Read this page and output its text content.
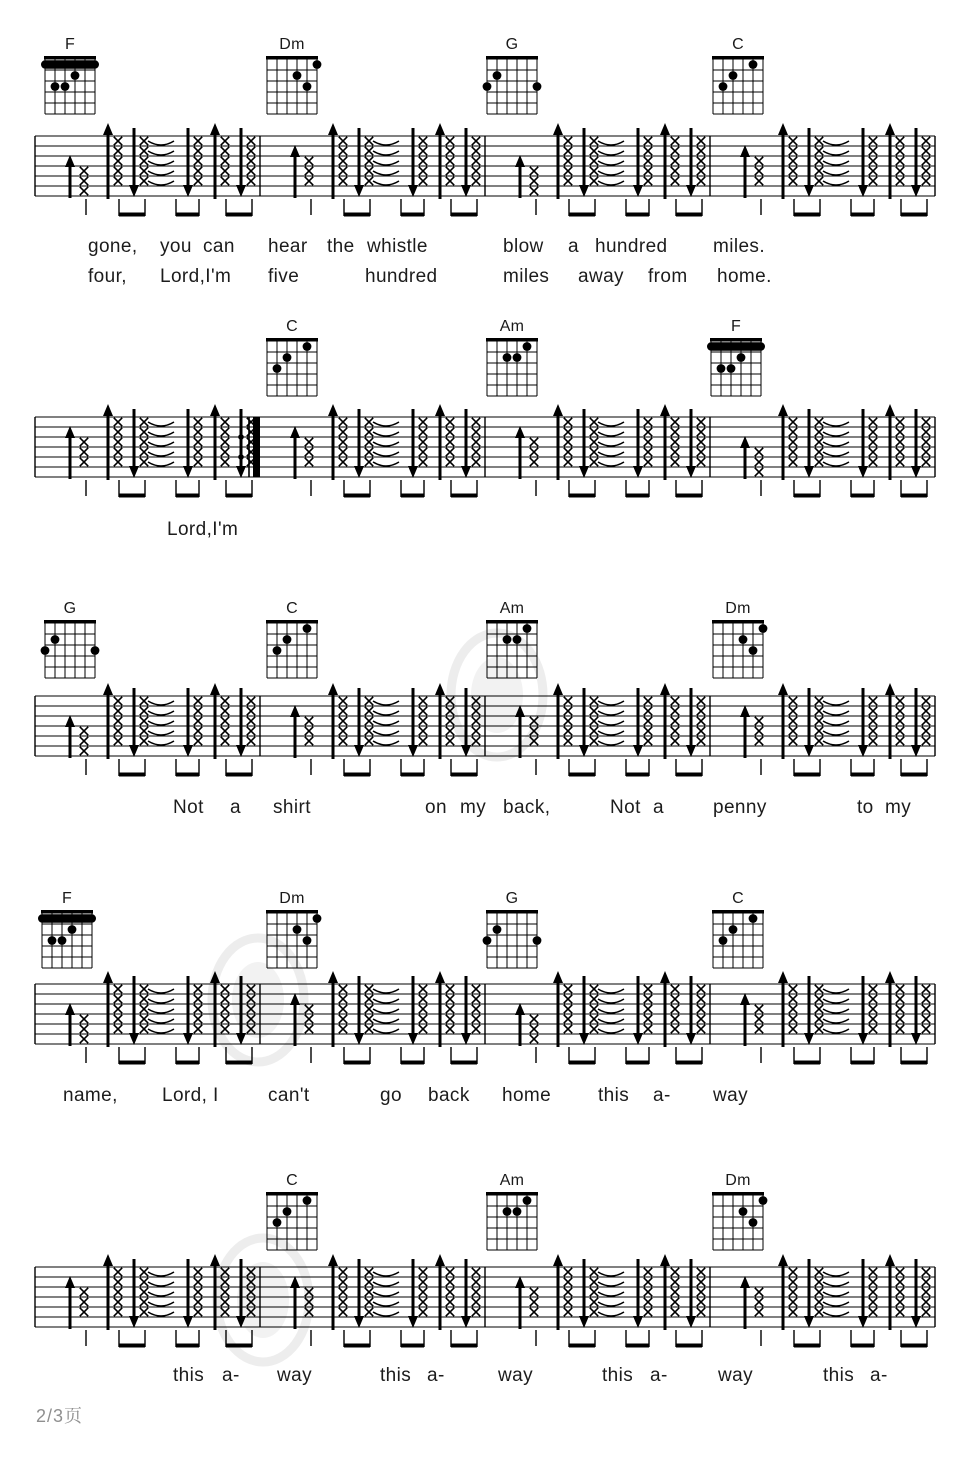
F	Dm	G	C
gone, you can hear the whistle	blow a hundred miles.
four, Lord,I'm five	hundred	miles away from home.
C	Am	F
Lord,I'm
G	C	Am	Dm
Not a shirt	on my back,	Not a	penny	to my
F	Dm	G	C
name, Lord, I	can't	go back home this a- way
C	Am	Dm
this a- way	this a-	way	this a-	way	this a-
2/3页
